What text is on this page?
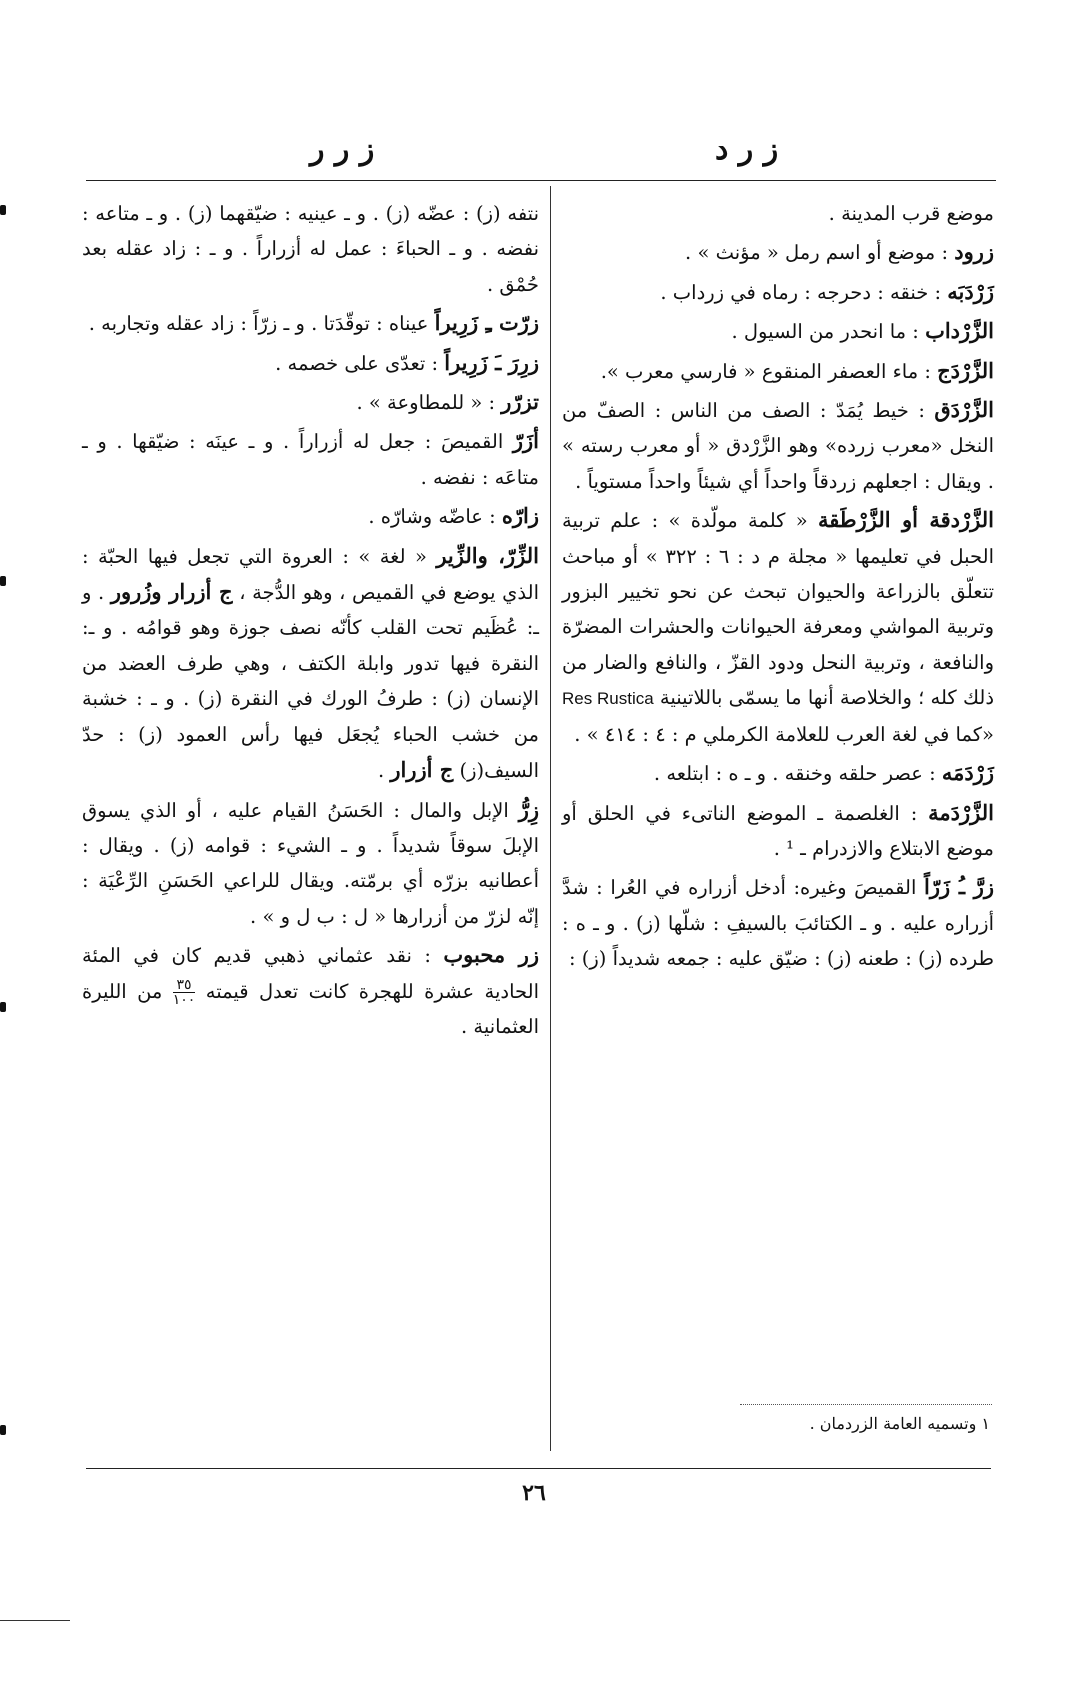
ز ر د
ز ر ر

موضع قرب المدينة .

زرود : موضع أو اسم رمل « مؤنث » .

زَرْدَبَه : خنقه : دحرجه : رماه في زرداب .

الزَّرْداب : ما انحدر من السيول .

الزَّرْدَج : ماء العصفر المنقوع « فارسي معرب ».

الزَّرْدَق : خيط يُمَدّ : الصف من الناس : الصفّ من النخل «معرب زرده» وهو الزَّرْدق « أو معرب رسته » . ويقال : اجعلهم زردقاً واحداً أي شيئاً واحداً مستوياً .

الزَّرْدقة أو الزَّرْطَقة « كلمة مولّدة » : علم تربية الحبل في تعليمها « مجلة م د : ٦ : ٣٢٢ » أو مباحث تتعلّق بالزراعة والحيوان تبحث عن نحو تخيير البزور وتربية المواشي ومعرفة الحيوانات والحشرات المضرّة والنافعة ، وتربية النحل ودود القزّ ، والنافع والضار من ذلك كله ؛ والخلاصة أنها ما يسمّى باللاتينية Res Rustica «كما في لغة العرب للعلامة الكرملي م : ٤ : ٤١٤ » .

زَرْدَمَه : عصر حلقه وخنقه . و ـ ه : ابتلعه .

الزَّرْدَمة : الغلصمة ـ الموضع الناتىء في الحلق أو موضع الابتلاع والازدرام ـ ¹ .

زرَّ ـُ زَرّاً القميصَ وغيره: أدخل أزراره في العُرا : شدَّ أزراره عليه . و ـ الكتائبَ بالسيفِ : شلّها (ز) . و ـ ه : طرده (ز) : طعنه (ز) : ضيّق عليه : جمعه شديداً (ز) :

نتفه (ز) : عضّه (ز) . و ـ عينيه : ضيّقهما (ز) . و ـ متاعه : نفضه . و ـ الحباءَ : عمل له أزراراً . و ـ : زاد عقله بعد حُمْق .

زرّت ـِ زَرِيراً عيناه : توقّدَتا . و ـ زرّاً : زاد عقله وتجاربه .

زرِرَ ـَ زَرِيراً : تعدّى على خصمه .

تزرّر : « للمطاوعة » .

أزَرّ القميصَ : جعل له أزراراً . و ـ عينَه : ضيّقها . و ـ متاعَه : نفضه .

زارّه : عاضّه وشارّه .

الزِّرّ، والزِّير « لغة » : العروة التي تجعل فيها الحبّة : الذي يوضع في القميص ، وهو الدُّجة ، ج أزرار وزُرور . و ـ: عُظَيم تحت القلب كأنّه نصف جوزة وهو قوامُه . و ـ: النقرة فيها تدور وابلة الكتف ، وهي طرف العضد من الإنسان (ز) : طرفُ الورك في النقرة (ز) . و ـ : خشبة من خشب الحباء يُجعَل فيها رأس العمود (ز) : حدّ السيف(ز) ج أزرار .

زِرُّ الإبل والمال : الحَسَنُ القيام عليه ، أو الذي يسوق الإبلَ سوقاً شديداً . و ـ الشيء : قوامه (ز) . ويقال : أعطانيه بزرّه أي برمّته. ويقال للراعي الحَسَنِ الرِّعْيَة : إنّه لزرّ من أزرارها « ل : ب ل و » .

زر محبوب : نقد عثماني ذهبي قديم كان في المئة الحادية عشرة للهجرة كانت تعدل قيمته
$\frac{٣٥}{١٠٠}$
من الليرة العثمانية .

١ وتسميه العامة الزردمان .
٢٦
